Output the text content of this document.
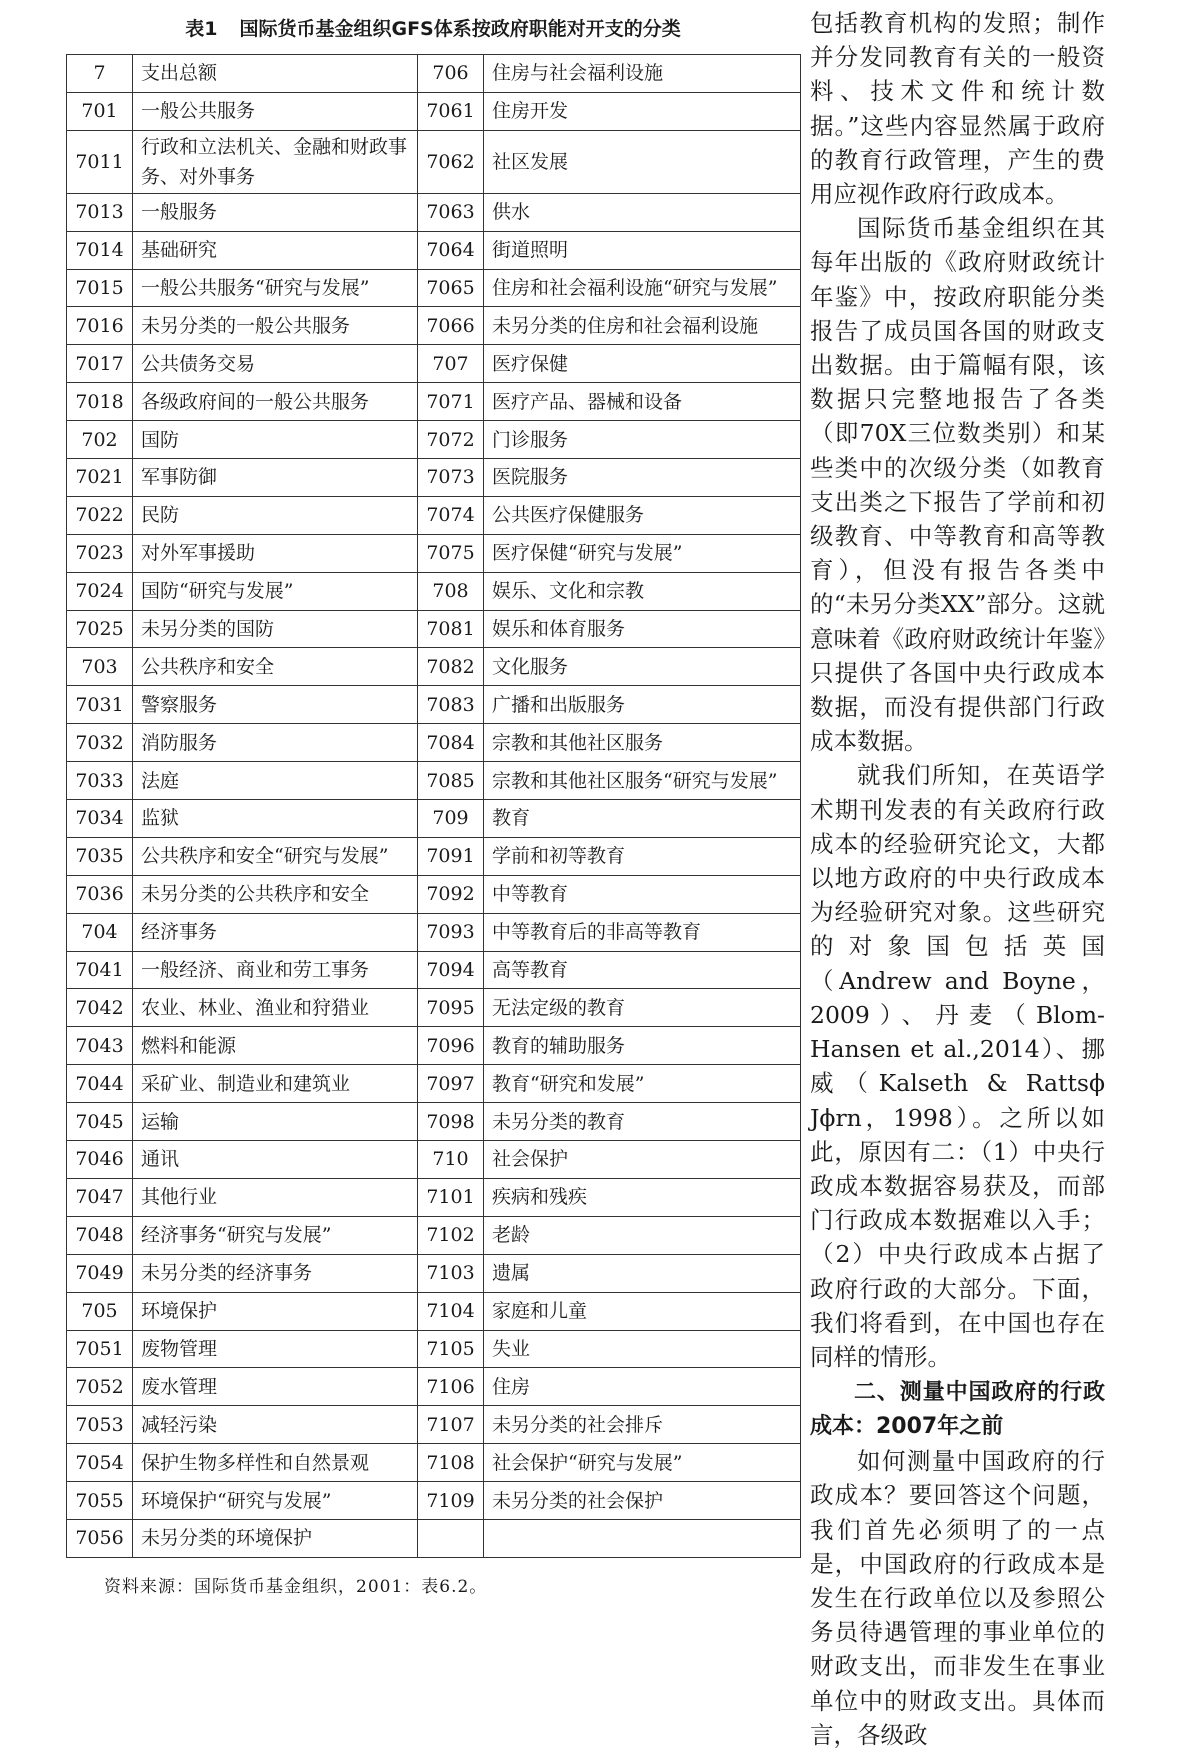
表1 国际货币基金组织GFS体系按政府职能对开支的分类
7	支出总额	706	住房与社会福利设施
701	一般公共服务	7061	住房开发
7011	行政和立法机关、金融和财政事务、对外事务	7062	社区发展
7013	一般服务	7063	供水
7014	基础研究	7064	街道照明
7015	一般公共服务“研究与发展”	7065	住房和社会福利设施“研究与发展”
7016	未另分类的一般公共服务	7066	未另分类的住房和社会福利设施
7017	公共债务交易	707	医疗保健
7018	各级政府间的一般公共服务	7071	医疗产品、器械和设备
702	国防	7072	门诊服务
7021	军事防御	7073	医院服务
7022	民防	7074	公共医疗保健服务
7023	对外军事援助	7075	医疗保健“研究与发展”
7024	国防“研究与发展”	708	娱乐、文化和宗教
7025	未另分类的国防	7081	娱乐和体育服务
703	公共秩序和安全	7082	文化服务
7031	警察服务	7083	广播和出版服务
7032	消防服务	7084	宗教和其他社区服务
7033	法庭	7085	宗教和其他社区服务“研究与发展”
7034	监狱	709	教育
7035	公共秩序和安全“研究与发展”	7091	学前和初等教育
7036	未另分类的公共秩序和安全	7092	中等教育
704	经济事务	7093	中等教育后的非高等教育
7041	一般经济、商业和劳工事务	7094	高等教育
7042	农业、林业、渔业和狩猎业	7095	无法定级的教育
7043	燃料和能源	7096	教育的辅助服务
7044	采矿业、制造业和建筑业	7097	教育“研究和发展”
7045	运输	7098	未另分类的教育
7046	通讯	710	社会保护
7047	其他行业	7101	疾病和残疾
7048	经济事务“研究与发展”	7102	老龄
7049	未另分类的经济事务	7103	遗属
705	环境保护	7104	家庭和儿童
7051	废物管理	7105	失业
7052	废水管理	7106	住房
7053	减轻污染	7107	未另分类的社会排斥
7054	保护生物多样性和自然景观	7108	社会保护“研究与发展”
7055	环境保护“研究与发展”	7109	未另分类的社会保护
7056	未另分类的环境保护		
资料来源：国际货币基金组织，2001：表6.2。

包括教育机构的发照；制作并分发同教育有关的一般资料、技术文件和统计数据。”这些内容显然属于政府的教育行政管理，产生的费用应视作政府行政成本。

国际货币基金组织在其每年出版的《政府财政统计年鉴》中，按政府职能分类报告了成员国各国的财政支出数据。由于篇幅有限，该数据只完整地报告了各类（即70X三位数类别）和某些类中的次级分类（如教育支出类之下报告了学前和初级教育、中等教育和高等教育），但没有报告各类中的“未另分类XX”部分。这就意味着《政府财政统计年鉴》只提供了各国中央行政成本数据，而没有提供部门行政成本数据。

就我们所知，在英语学术期刊发表的有关政府行政成本的经验研究论文，大都以地方政府的中央行政成本为经验研究对象。这些研究的对象国包括英国（Andrew and Boyne，2009）、丹麦（Blom-Hansen et al.,2014）、挪威（Kalseth & Rattsϕ Jϕrn，1998）。之所以如此，原因有二：（1）中央行政成本数据容易获及，而部门行政成本数据难以入手；（2）中央行政成本占据了政府行政的大部分。下面，我们将看到，在中国也存在同样的情形。

二、测量中国政府的行政成本：2007年之前

如何测量中国政府的行政成本？要回答这个问题，我们首先必须明了的一点是，中国政府的行政成本是发生在行政单位以及参照公务员待遇管理的事业单位的财政支出，而非发生在事业单位中的财政支出。具体而言，各级政
